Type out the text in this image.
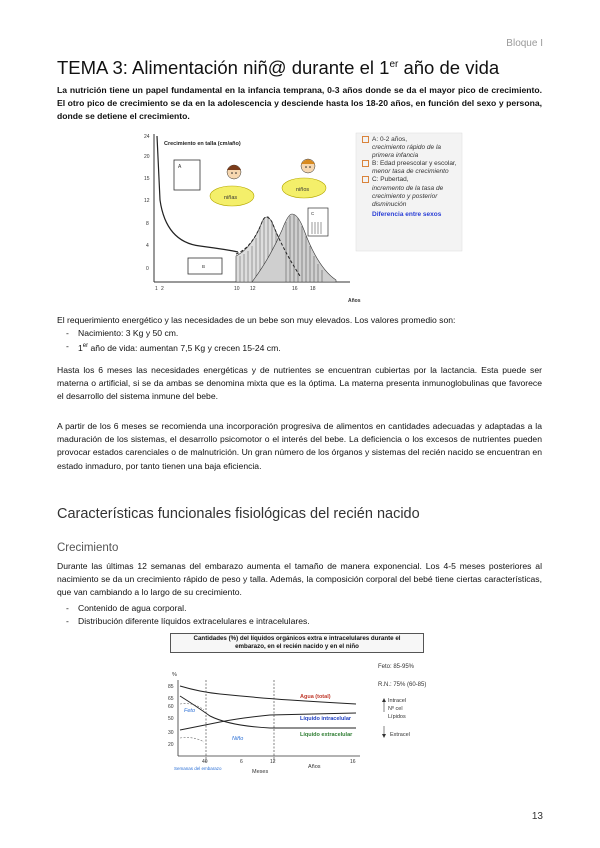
Bloque I
TEMA 3: Alimentación niñ@ durante el 1er año de vida
La nutrición tiene un papel fundamental en la infancia temprana, 0-3 años donde se da el mayor pico de crecimiento. El otro pico de crecimiento se da en la adolescencia y desciende hasta los 18-20 años, en función del sexo y persona, donde se detiene el crecimiento.
24
20
15
12
8
4
0
Crecimiento en talla (cm/año)
A
B
C
niñas
niños
1 2	10 12	16 18
Años
A: 0-2 años,
crecimiento rápido de la primera infancia
B: Edad preescolar y escolar,
menor tasa de crecimiento
C: Pubertad,
incremento de la tasa de crecimiento y posterior disminución
Diferencia entre sexos
El requerimiento energético y las necesidades de un bebe son muy elevados. Los valores promedio son:
- Nacimiento: 3 Kg y 50 cm.
- 1er año de vida: aumentan 7,5 Kg y crecen 15-24 cm.
Hasta los 6 meses las necesidades energéticas y de nutrientes se encuentran cubiertas por la lactancia. Esta puede ser materna o artificial, si se da ambas se denomina mixta que es la óptima. La materna presenta inmunoglobulinas que favorece el desarrollo del sistema inmune del bebe.
A partir de los 6 meses se recomienda una incorporación progresiva de alimentos en cantidades adecuadas y adaptadas a la maduración de los sistemas, el desarrollo psicomotor o el interés del bebe. La deficiencia o los excesos de nutrientes pueden provocar estados carenciales o de malnutrición. Un gran número de los órganos y sistemas del recién nacido se encuentran en estado inmaduro, por tanto tienen una baja eficiencia.
Características funcionales fisiológicas del recién nacido
Crecimiento
Durante las últimas 12 semanas del embarazo aumenta el tamaño de manera exponencial. Los 4-5 meses posteriores al nacimiento se da un crecimiento rápido de peso y talla. Además, la composición corporal del bebé tiene ciertas características, que van cambiando a lo largo de su crecimiento.
- Contenido de agua corporal.
- Distribución diferente líquidos extracelulares e intracelulares.
Cantidades (%) del líquidos orgánicos extra e intracelulares durante el
embarazo, en el recién nacido y en el niño
%
85
65
60
50
30
20
40	6	12	16
Meses
Años
Semanas del embarazo
Feto
Niño
Agua (total)
Líquido intracelular
Líquido extracelular
Feto: 85-95%
R.N.: 75% (60-85)
Intracel
Nº cel
Lípidos
Extracel
13
